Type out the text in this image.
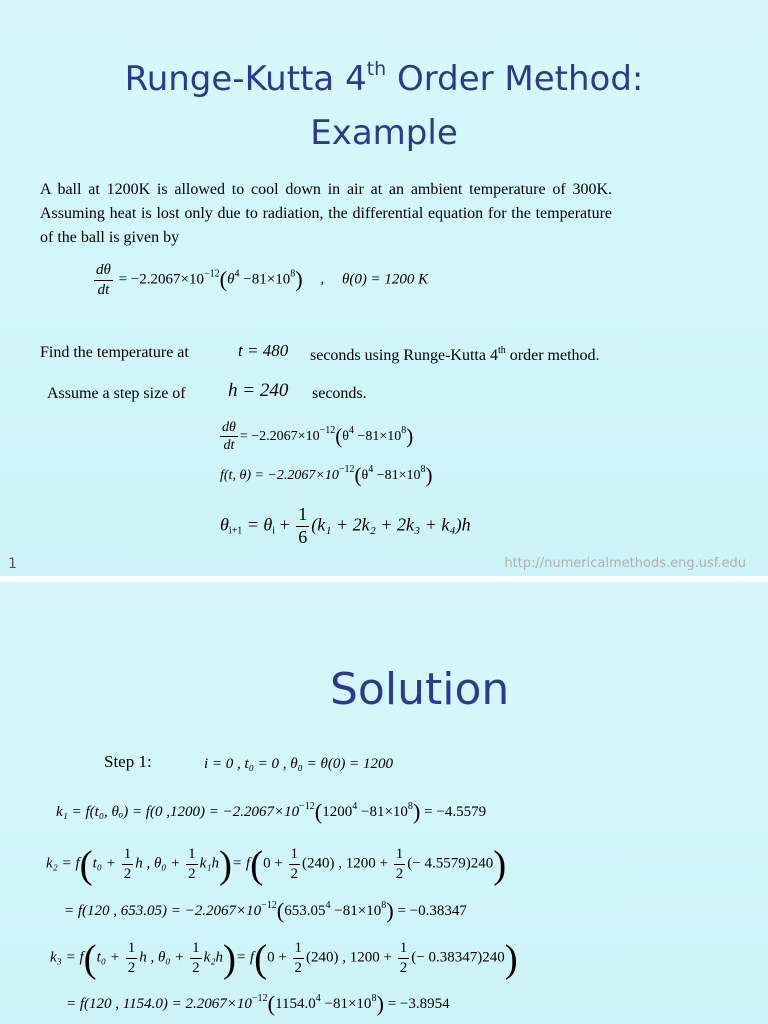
Runge-Kutta 4th Order Method:
Example
A ball at 1200K is allowed to cool down in air at an ambient temperature of 300K. Assuming heat is lost only due to radiation, the differential equation for the temperature of the ball is given by
$\frac{d\theta}{dt} = -2.2067\times 10^{-12}(\theta^4 -81\times 10^8)$ , θ(0) = 1200 K
Find the temperature at	t = 480 seconds using Runge-Kutta 4th order method.
Assume a step size of h = 240 seconds.
$\frac{d\theta}{dt} = -2.2067\times 10^{-12}(\theta^4 -81\times 10^8)$
f(t, $\theta) = -2.2067\times 10^{-12}(\theta^4 -81\times 10^8)$
$\theta_{i+1} = \theta_i + \frac{1}{6} (k_1 + 2k_2 + 2k_3 + k_4)h$
1	http://numericalmethods.eng.usf.edu
Solution
Step 1:	i = 0 , t₀ = 0 , θ₀ = θ(0) = 1200
k₁ = f(t₀, θₒ) = f(0 $,1200) = -2.2067\times 10^{-12}(1200^4 -81\times 10^8) = -4.5579$
$k_2 = f(t_0 + \frac{1}{2}$ h , $\theta_0 + \frac{1}{2} k_1h)= f(0 + \frac{1}{2} (240)$ , $1200 + \frac{1}{2}$ (− 4.5579)240)
= f(120 , $653.05) = -2.2067\times 10^{-12}(653.05^4 -81\times 10^8) = -0.38347$
$k_3 = f(t_0 + \frac{1}{2}$ h , $\theta_0 + \frac{1}{2} k_2h)= f(0 + \frac{1}{2} (240)$ , $1200 + \frac{1}{2}$ (− 0.38347)240)
= f(120 , $1154.0) = 2.2067\times 10^{-12}(1154.0^4 -81\times 10^8) = -3.8954$
